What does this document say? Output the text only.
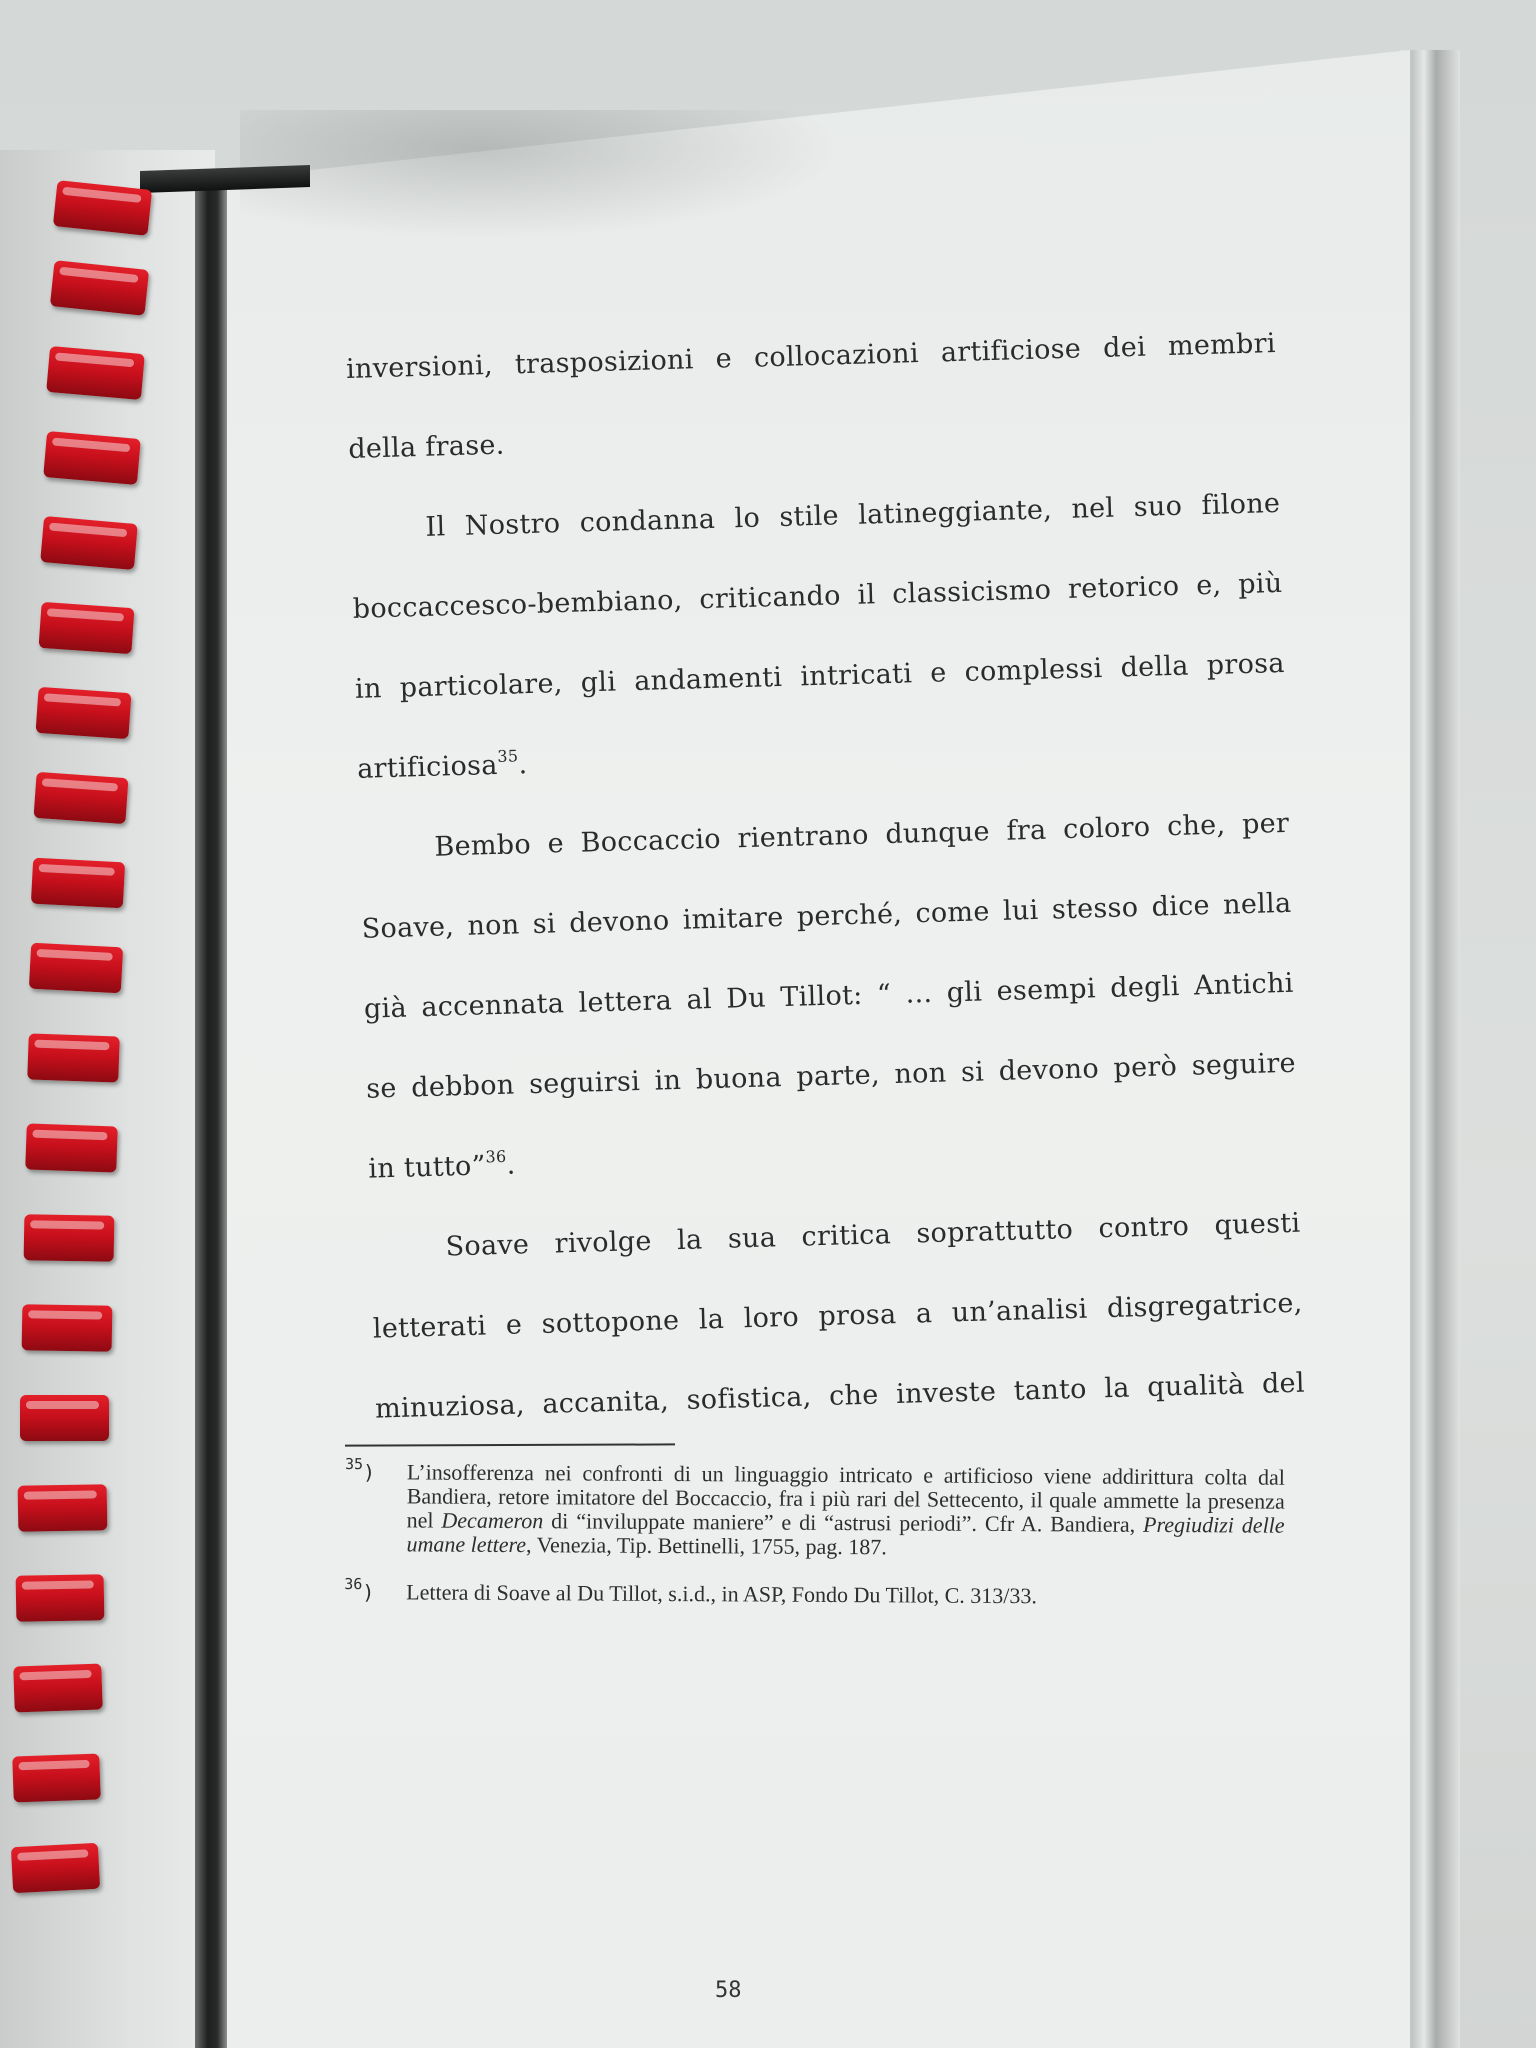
inversioni, trasposizioni e collocazioni artificiose dei membri

della frase.

Il Nostro condanna lo stile latineggiante, nel suo filone

boccaccesco-bembiano, criticando il classicismo retorico e, più

in particolare, gli andamenti intricati e complessi della prosa

artificiosa$^{35}$.

Bembo e Boccaccio rientrano dunque fra coloro che, per

Soave, non si devono imitare perché, come lui stesso dice nella

già accennata lettera al Du Tillot: “ ... gli esempi degli Antichi

se debbon seguirsi in buona parte, non si devono però seguire

in tutto”$^{36}$.

Soave rivolge la sua critica soprattutto contro questi

letterati e sottopone la loro prosa a un’analisi disgregatrice,

minuziosa, accanita, sofistica, che investe tanto la qualità del

$^{35}$)	L’insofferenza nei confronti di un linguaggio intricato e artificioso viene addirittura colta dal Bandiera, retore imitatore del Boccaccio, fra i più rari del Settecento, il quale ammette la presenza nel Decameron di “inviluppate maniere” e di “astrusi periodi”. Cfr A. Bandiera, Pregiudizi delle umane lettere, Venezia, Tip. Bettinelli, 1755, pag. 187.
$^{36}$)	Lettera di Soave al Du Tillot, s.i.d., in ASP, Fondo Du Tillot, C. 313/33.
58
